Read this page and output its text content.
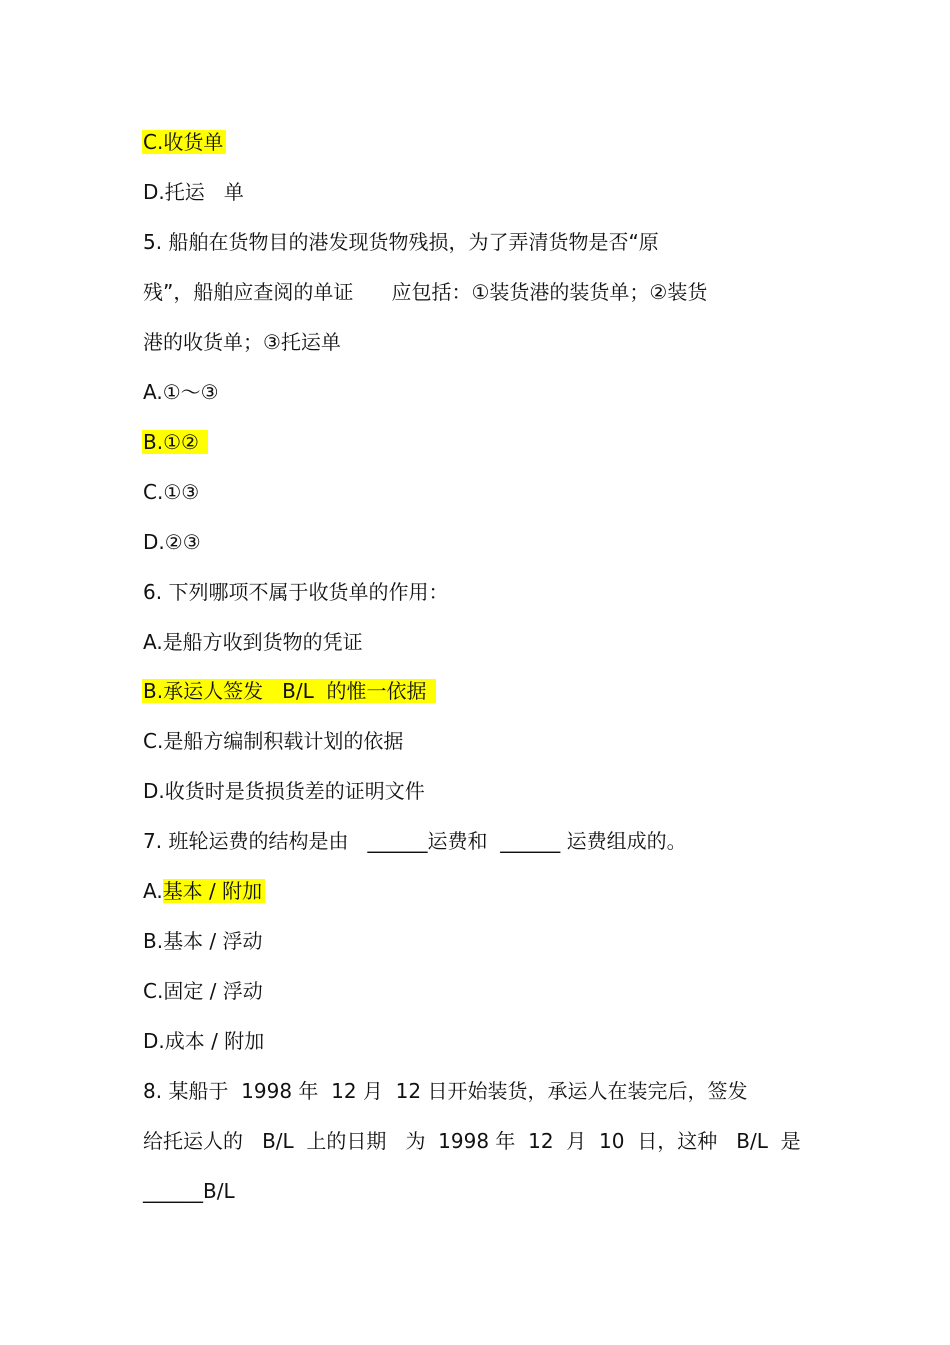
C.收货单
D.托运   单
5. 船舶在货物目的港发现货物残损，为了弄清货物是否“原
残”，船舶应查阅的单证      应包括：①装货港的装货单；②装货
港的收货单；③托运单
A.①～③
B.①②
C.①③
D.②③
6. 下列哪项不属于收货单的作用：
A.是船方收到货物的凭证
B.承运人签发   B/L  的惟一依据
C.是船方编制积载计划的依据
D.收货时是货损货差的证明文件
7. 班轮运费的结构是由   ______运费和  ______ 运费组成的。
A.基本 / 附加
B.基本 / 浮动
C.固定 / 浮动
D.成本 / 附加
8. 某船于  1998 年  12 月  12 日开始装货，承运人在装完后，签发
给托运人的   B/L  上的日期   为  1998 年  12  月  10  日，这种   B/L  是
______B/L
